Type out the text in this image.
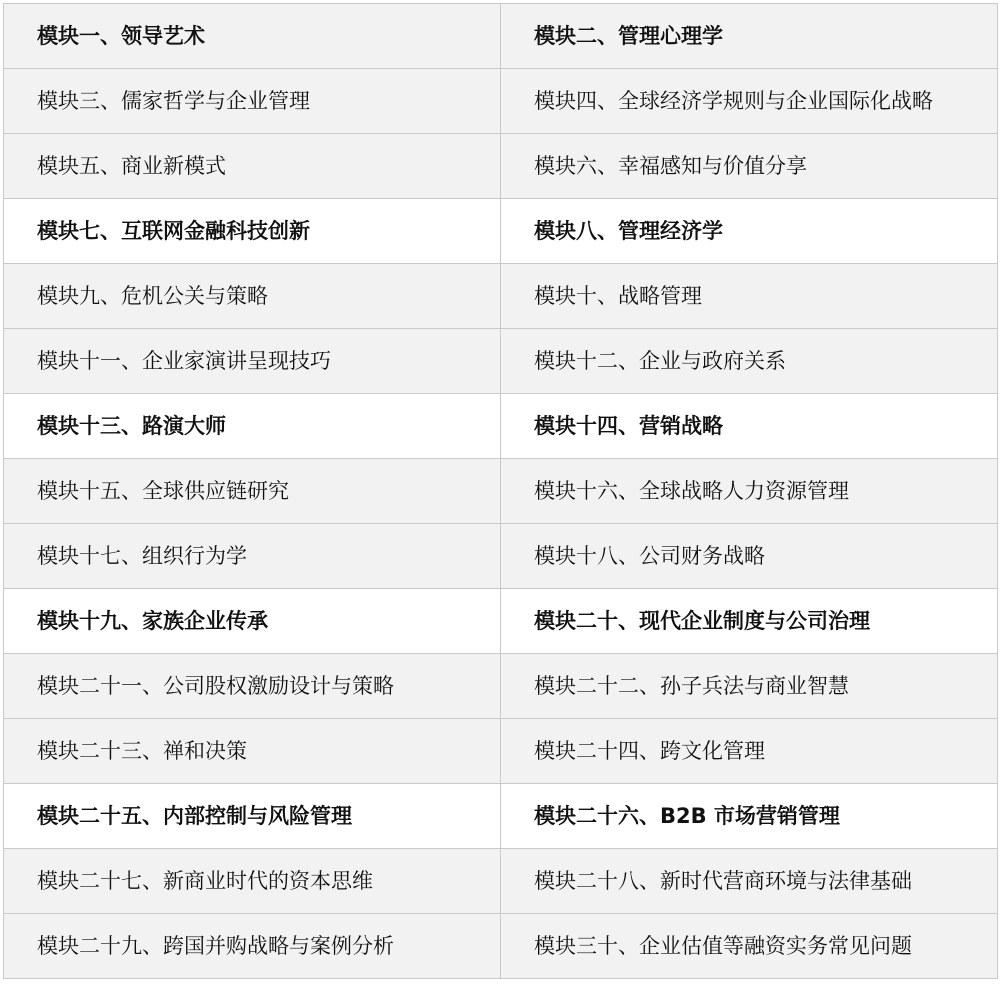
模块一、领导艺术	模块二、管理心理学
模块三、儒家哲学与企业管理	模块四、全球经济学规则与企业国际化战略
模块五、商业新模式	模块六、幸福感知与价值分享
模块七、互联网金融科技创新	模块八、管理经济学
模块九、危机公关与策略	模块十、战略管理
模块十一、企业家演讲呈现技巧	模块十二、企业与政府关系
模块十三、路演大师	模块十四、营销战略
模块十五、全球供应链研究	模块十六、全球战略人力资源管理
模块十七、组织行为学	模块十八、公司财务战略
模块十九、家族企业传承	模块二十、现代企业制度与公司治理
模块二十一、公司股权激励设计与策略	模块二十二、孙子兵法与商业智慧
模块二十三、禅和决策	模块二十四、跨文化管理
模块二十五、内部控制与风险管理	模块二十六、B2B 市场营销管理
模块二十七、新商业时代的资本思维	模块二十八、新时代营商环境与法律基础
模块二十九、跨国并购战略与案例分析	模块三十、企业估值等融资实务常见问题
